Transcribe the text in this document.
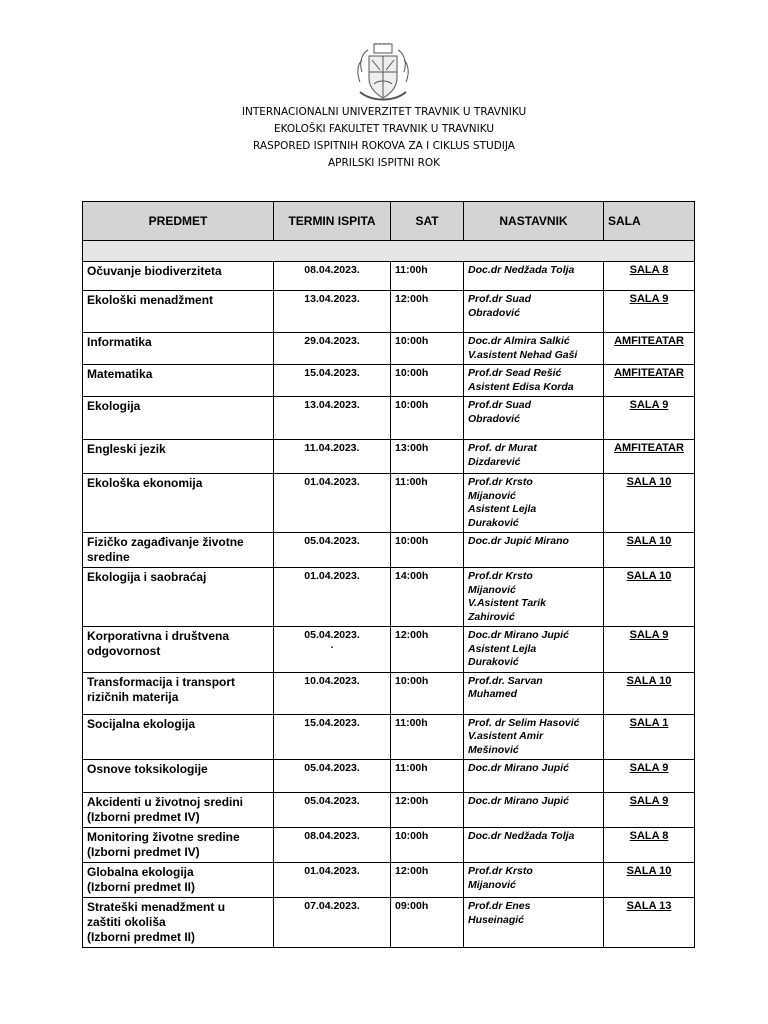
INTERNACIONALNI UNIVERZITET TRAVNIK U TRAVNIKU
EKOLOŠKI FAKULTET TRAVNIK U TRAVNIKU
RASPORED ISPITNIH ROKOVA ZA I CIKLUS STUDIJA
APRILSKI ISPITNI ROK
PREDMET	TERMIN ISPITA	SAT	NASTAVNIK	SALA

Očuvanje biodiverziteta	08.04.2023.	11:00h	Doc.dr Nedžada Tolja	SALA 8

Ekološki menadžment	13.04.2023.	12:00h	Prof.dr Suad
Obradović	SALA 9

Informatika	29.04.2023.	10:00h	Doc.dr Almira Salkić
V.asistent Nehad Gaši	AMFITEATAR

Matematika	15.04.2023.	10:00h	Prof.dr Sead Rešić
Asistent Edisa Korda	AMFITEATAR

Ekologija	13.04.2023.	10:00h	Prof.dr Suad
Obradović	SALA 9

Engleski jezik	11.04.2023.	13:00h	Prof. dr Murat
Dizdarević	AMFITEATAR

Ekološka ekonomija	01.04.2023.	11:00h	Prof.dr Krsto
Mijanović
Asistent Lejla
Duraković	SALA 10

Fizičko zagađivanje životne
sredine	05.04.2023.	10:00h	Doc.dr Jupić Mirano	SALA 10

Ekologija i saobraćaj	01.04.2023.	14:00h	Prof.dr Krsto
Mijanović
V.Asistent Tarik
Zahirović	SALA 10

Korporativna i društvena
odgovornost	05.04.2023.
.	12:00h	Doc.dr Mirano Jupić
Asistent Lejla
Duraković	SALA 9

Transformacija i transport
rizičnih materija	10.04.2023.	10:00h	Prof.dr. Sarvan
Muhamed	SALA 10

Socijalna ekologija	15.04.2023.	11:00h	Prof. dr Selim Hasović
V.asistent Amir
Mešinović	SALA 1

Osnove toksikologije	05.04.2023.	11:00h	Doc.dr Mirano Jupić	SALA 9

Akcidenti u životnoj sredini
(Izborni predmet IV)	05.04.2023.	12:00h	Doc.dr Mirano Jupić	SALA 9

Monitoring životne sredine
(Izborni predmet IV)	08.04.2023.	10:00h	Doc.dr Nedžada Tolja	SALA 8

Globalna ekologija
(Izborni predmet II)	01.04.2023.	12:00h	Prof.dr Krsto
Mijanović	SALA 10

Strateški menadžment u
zaštiti okoliša
(Izborni predmet II)	07.04.2023.	09:00h	Prof.dr Enes
Huseinagić	SALA 13
